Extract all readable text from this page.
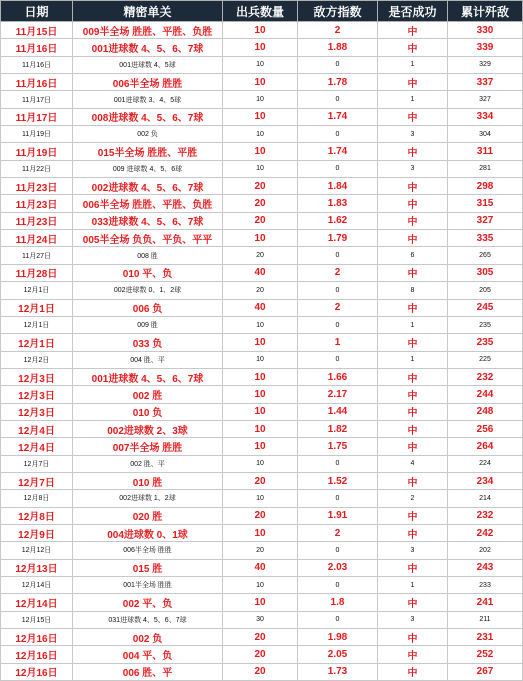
日期	精密单关	出兵数量	敌方指数	是否成功	累计歼敌
11月15日	009半全场 胜胜、平胜、负胜	10	2	中	330
11月16日	001进球数 4、5、6、7球	10	1.88	中	339
11月16日	001进球数 4、5球	10	0	1	329
11月16日	006半全场 胜胜	10	1.78	中	337
11月17日	001进球数 3、4、5球	10	0	1	327
11月17日	008进球数 4、5、6、7球	10	1.74	中	334
11月19日	002 负	10	0	3	304
11月19日	015半全场 胜胜、平胜	10	1.74	中	311
11月22日	009 进球数 4、5、6球	10	0	3	281
11月23日	002进球数 4、5、6、7球	20	1.84	中	298
11月23日	006半全场 胜胜、平胜、负胜	20	1.83	中	315
11月23日	033进球数 4、5、6、7球	20	1.62	中	327
11月24日	005半全场 负负、平负、平平	10	1.79	中	335
11月27日	008 胜	20	0	6	265
11月28日	010 平、负	40	2	中	305
12月1日	002进球数 0、1、2球	20	0	8	205
12月1日	006 负	40	2	中	245
12月1日	009 胜	10	0	1	235
12月1日	033 负	10	1	中	235
12月2日	004 胜、平	10	0	1	225
12月3日	001进球数 4、5、6、7球	10	1.66	中	232
12月3日	002 胜	10	2.17	中	244
12月3日	010 负	10	1.44	中	248
12月4日	002进球数 2、3球	10	1.82	中	256
12月4日	007半全场 胜胜	10	1.75	中	264
12月7日	002 胜、平	10	0	4	224
12月7日	010 胜	20	1.52	中	234
12月8日	002进球数 1、2球	10	0	2	214
12月8日	020 胜	20	1.91	中	232
12月9日	004进球数 0、1球	10	2	中	242
12月12日	006半全场 胜胜	20	0	3	202
12月13日	015 胜	40	2.03	中	243
12月14日	001半全场 胜胜	10	0	1	233
12月14日	002 平、负	10	1.8	中	241
12月15日	031进球数 4、5、6、7球	30	0	3	211
12月16日	002 负	20	1.98	中	231
12月16日	004 平、负	20	2.05	中	252
12月16日	006 胜、平	20	1.73	中	267
